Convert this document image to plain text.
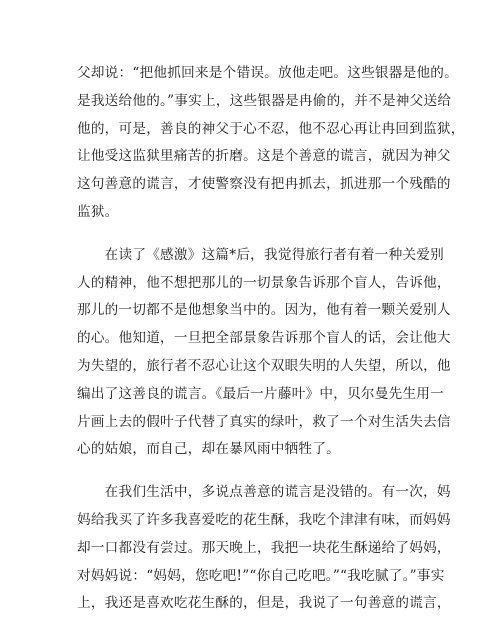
父却说：“把他抓回来是个错误。放他走吧。这些银器是他的。
是我送给他的。”事实上，这些银器是冉偷的，并不是神父送给
他的，可是，善良的神父于心不忍，他不忍心再让冉回到监狱，
让他受这监狱里痛苦的折磨。这是个善意的谎言，就因为神父
这句善意的谎言，才使警察没有把冉抓去，抓进那一个残酷的
监狱。
　　在读了《感激》这篇*后，我觉得旅行者有着一种关爱别
人的精神，他不想把那儿的一切景象告诉那个盲人，告诉他，
那儿的一切都不是他想象当中的。因为，他有着一颗关爱别人
的心。他知道，一旦把全部景象告诉那个盲人的话，会让他大
为失望的，旅行者不忍心让这个双眼失明的人失望，所以，他
编出了这善良的谎言。《最后一片藤叶》中，贝尔曼先生用一
片画上去的假叶子代替了真实的绿叶，救了一个对生活失去信
心的姑娘，而自己，却在暴风雨中牺牲了。
　　在我们生活中，多说点善意的谎言是没错的。有一次，妈
妈给我买了许多我喜爱吃的花生酥，我吃个津津有味，而妈妈
却一口都没有尝过。那天晚上，我把一块花生酥递给了妈妈，
对妈妈说：“妈妈，您吃吧!”“你自己吃吧。”“我吃腻了。”事实
上，我还是喜欢吃花生酥的，但是，我说了一句善意的谎言，
